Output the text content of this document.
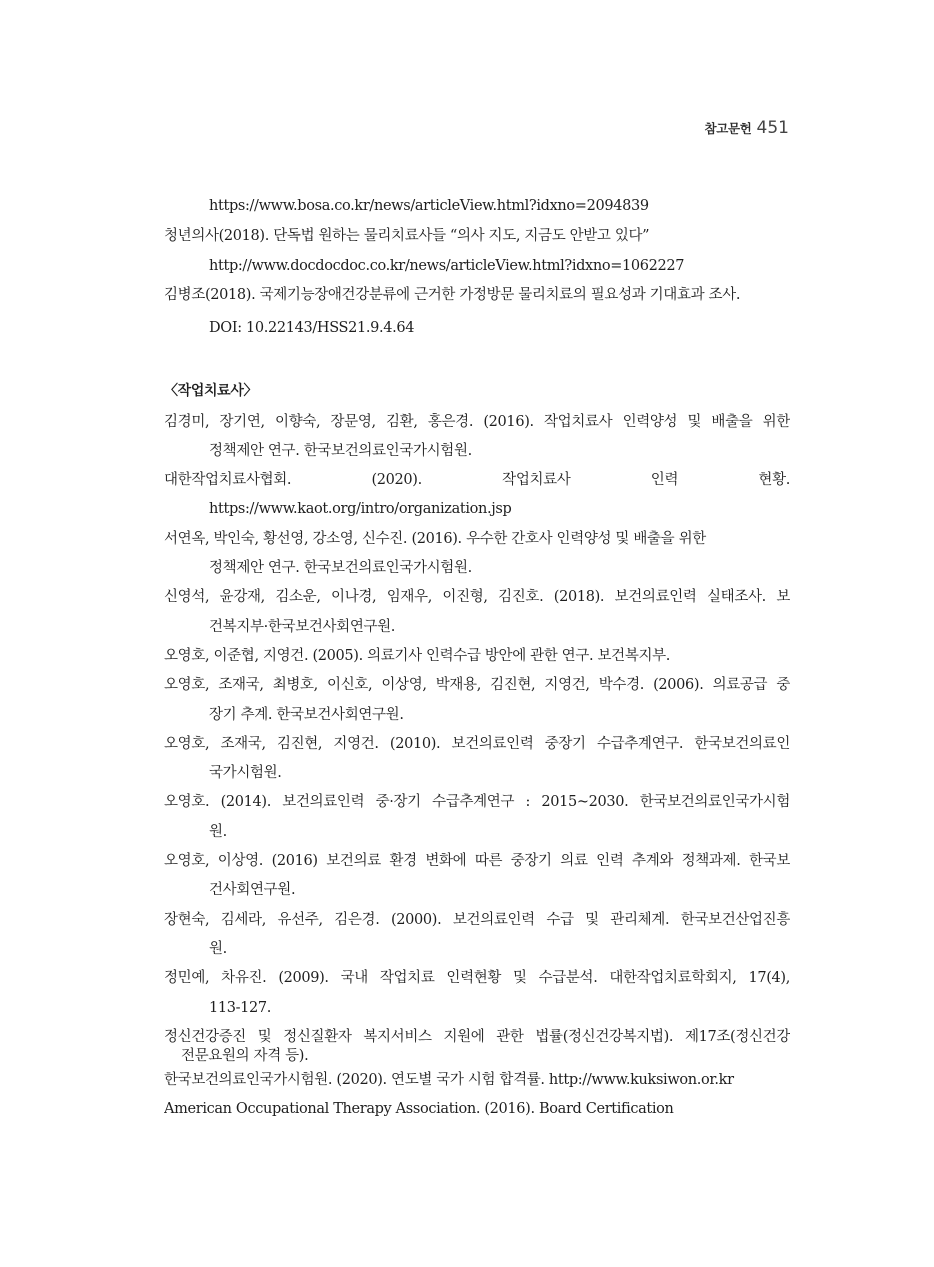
참고문헌 451
https://www.bosa.co.kr/news/articleView.html?idxno=2094839
청년의사(2018). 단독법 원하는 물리치료사들 “의사 지도, 지금도 안받고 있다”
http://www.docdocdoc.co.kr/news/articleView.html?idxno=1062227
김병조(2018). 국제기능장애건강분류에 근거한 가정방문 물리치료의 필요성과 기대효과 조사.
DOI: 10.22143/HSS21.9.4.64
〈작업치료사〉
김경미, 장기연, 이향숙, 장문영, 김환, 홍은경. (2016). 작업치료사 인력양성 및 배출을 위한
정책제안 연구. 한국보건의료인국가시험원.
대한작업치료사협회. (2020). 작업치료사 인력 현황.
https://www.kaot.org/intro/organization.jsp
서연옥, 박인숙, 황선영, 강소영, 신수진. (2016). 우수한 간호사 인력양성 및 배출을 위한
정책제안 연구. 한국보건의료인국가시험원.
신영석, 윤강재, 김소운, 이나경, 임재우, 이진형, 김진호. (2018). 보건의료인력 실태조사. 보
건복지부·한국보건사회연구원.
오영호, 이준협, 지영건. (2005). 의료기사 인력수급 방안에 관한 연구. 보건복지부.
오영호, 조재국, 최병호, 이신호, 이상영, 박재용, 김진현, 지영건, 박수경. (2006). 의료공급 중
장기 추계. 한국보건사회연구원.
오영호, 조재국, 김진현, 지영건. (2010). 보건의료인력 중장기 수급추계연구. 한국보건의료인
국가시험원.
오영호. (2014). 보건의료인력 중·장기 수급추계연구 : 2015~2030. 한국보건의료인국가시험
원.
오영호, 이상영. (2016) 보건의료 환경 변화에 따른 중장기 의료 인력 추계와 정책과제. 한국보
건사회연구원.
장현숙, 김세라, 유선주, 김은경. (2000). 보건의료인력 수급 및 관리체계. 한국보건산업진흥
원.
정민예, 차유진. (2009). 국내 작업치료 인력현황 및 수급분석. 대한작업치료학회지, 17(4),
113-127.
정신건강증진 및 정신질환자 복지서비스 지원에 관한 법률(정신건강복지법). 제17조(정신건강
전문요원의 자격 등).
한국보건의료인국가시험원. (2020). 연도별 국가 시험 합격률. http://www.kuksiwon.or.kr
American Occupational Therapy Association. (2016). Board Certification
